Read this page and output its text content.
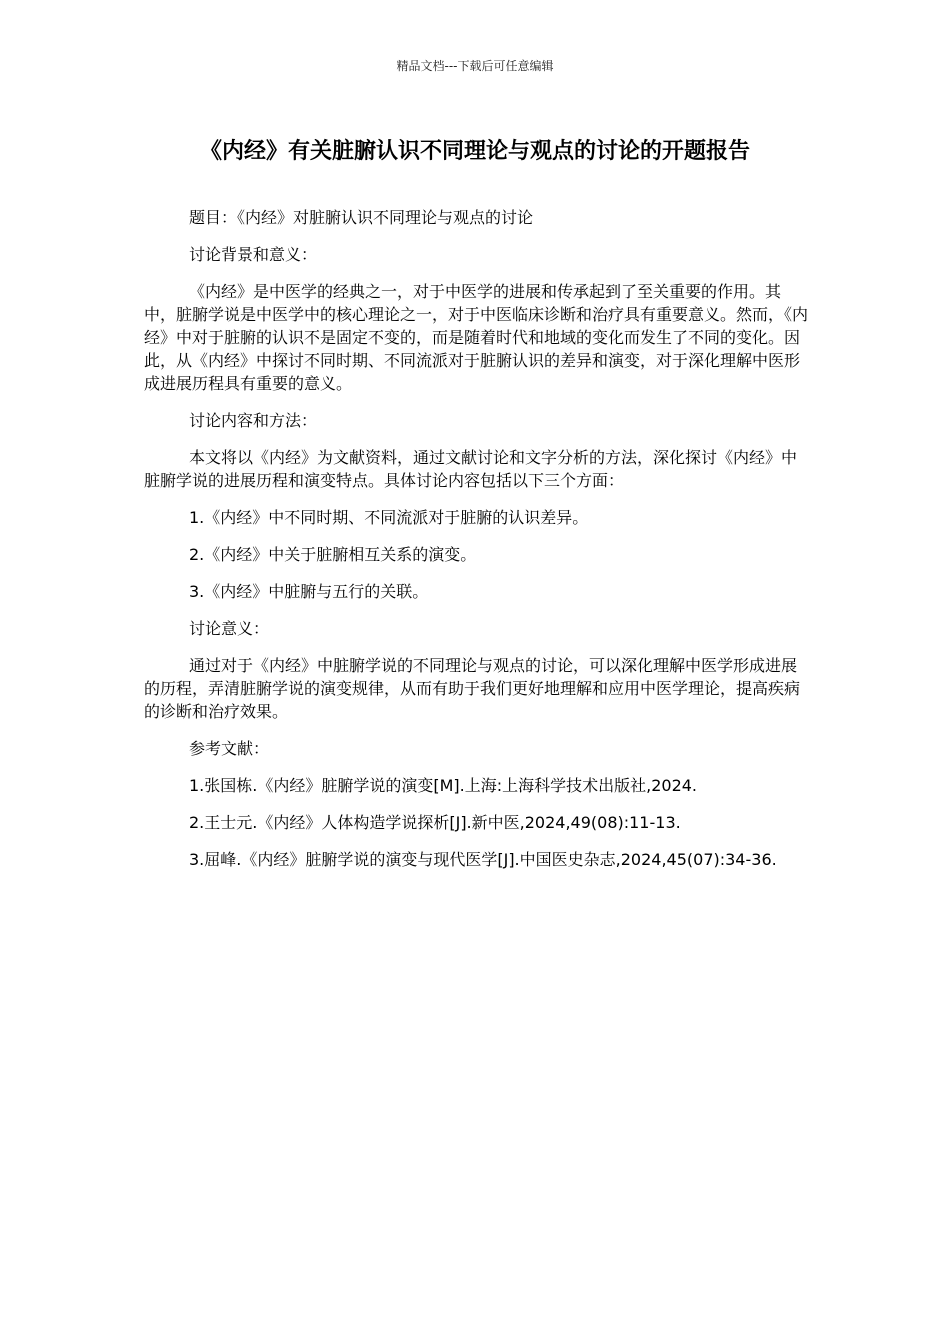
精品文档---下载后可任意编辑
《内经》有关脏腑认识不同理论与观点的讨论的开题报告

题目：《内经》对脏腑认识不同理论与观点的讨论

讨论背景和意义：

《内经》是中医学的经典之一，对于中医学的进展和传承起到了至关重要的作用。其中，脏腑学说是中医学中的核心理论之一，对于中医临床诊断和治疗具有重要意义。然而，《内经》中对于脏腑的认识不是固定不变的，而是随着时代和地域的变化而发生了不同的变化。因此，从《内经》中探讨不同时期、不同流派对于脏腑认识的差异和演变，对于深化理解中医形成进展历程具有重要的意义。

讨论内容和方法：

本文将以《内经》为文献资料，通过文献讨论和文字分析的方法，深化探讨《内经》中脏腑学说的进展历程和演变特点。具体讨论内容包括以下三个方面：

1.《内经》中不同时期、不同流派对于脏腑的认识差异。

2.《内经》中关于脏腑相互关系的演变。

3.《内经》中脏腑与五行的关联。

讨论意义：

通过对于《内经》中脏腑学说的不同理论与观点的讨论，可以深化理解中医学形成进展的历程，弄清脏腑学说的演变规律，从而有助于我们更好地理解和应用中医学理论，提高疾病的诊断和治疗效果。

参考文献：

1.张国栋.《内经》脏腑学说的演变[M].上海:上海科学技术出版社,2024.

2.王士元.《内经》人体构造学说探析[J].新中医,2024,49(08):11-13.

3.屈峰.《内经》脏腑学说的演变与现代医学[J].中国医史杂志,2024,45(07):34-36.
